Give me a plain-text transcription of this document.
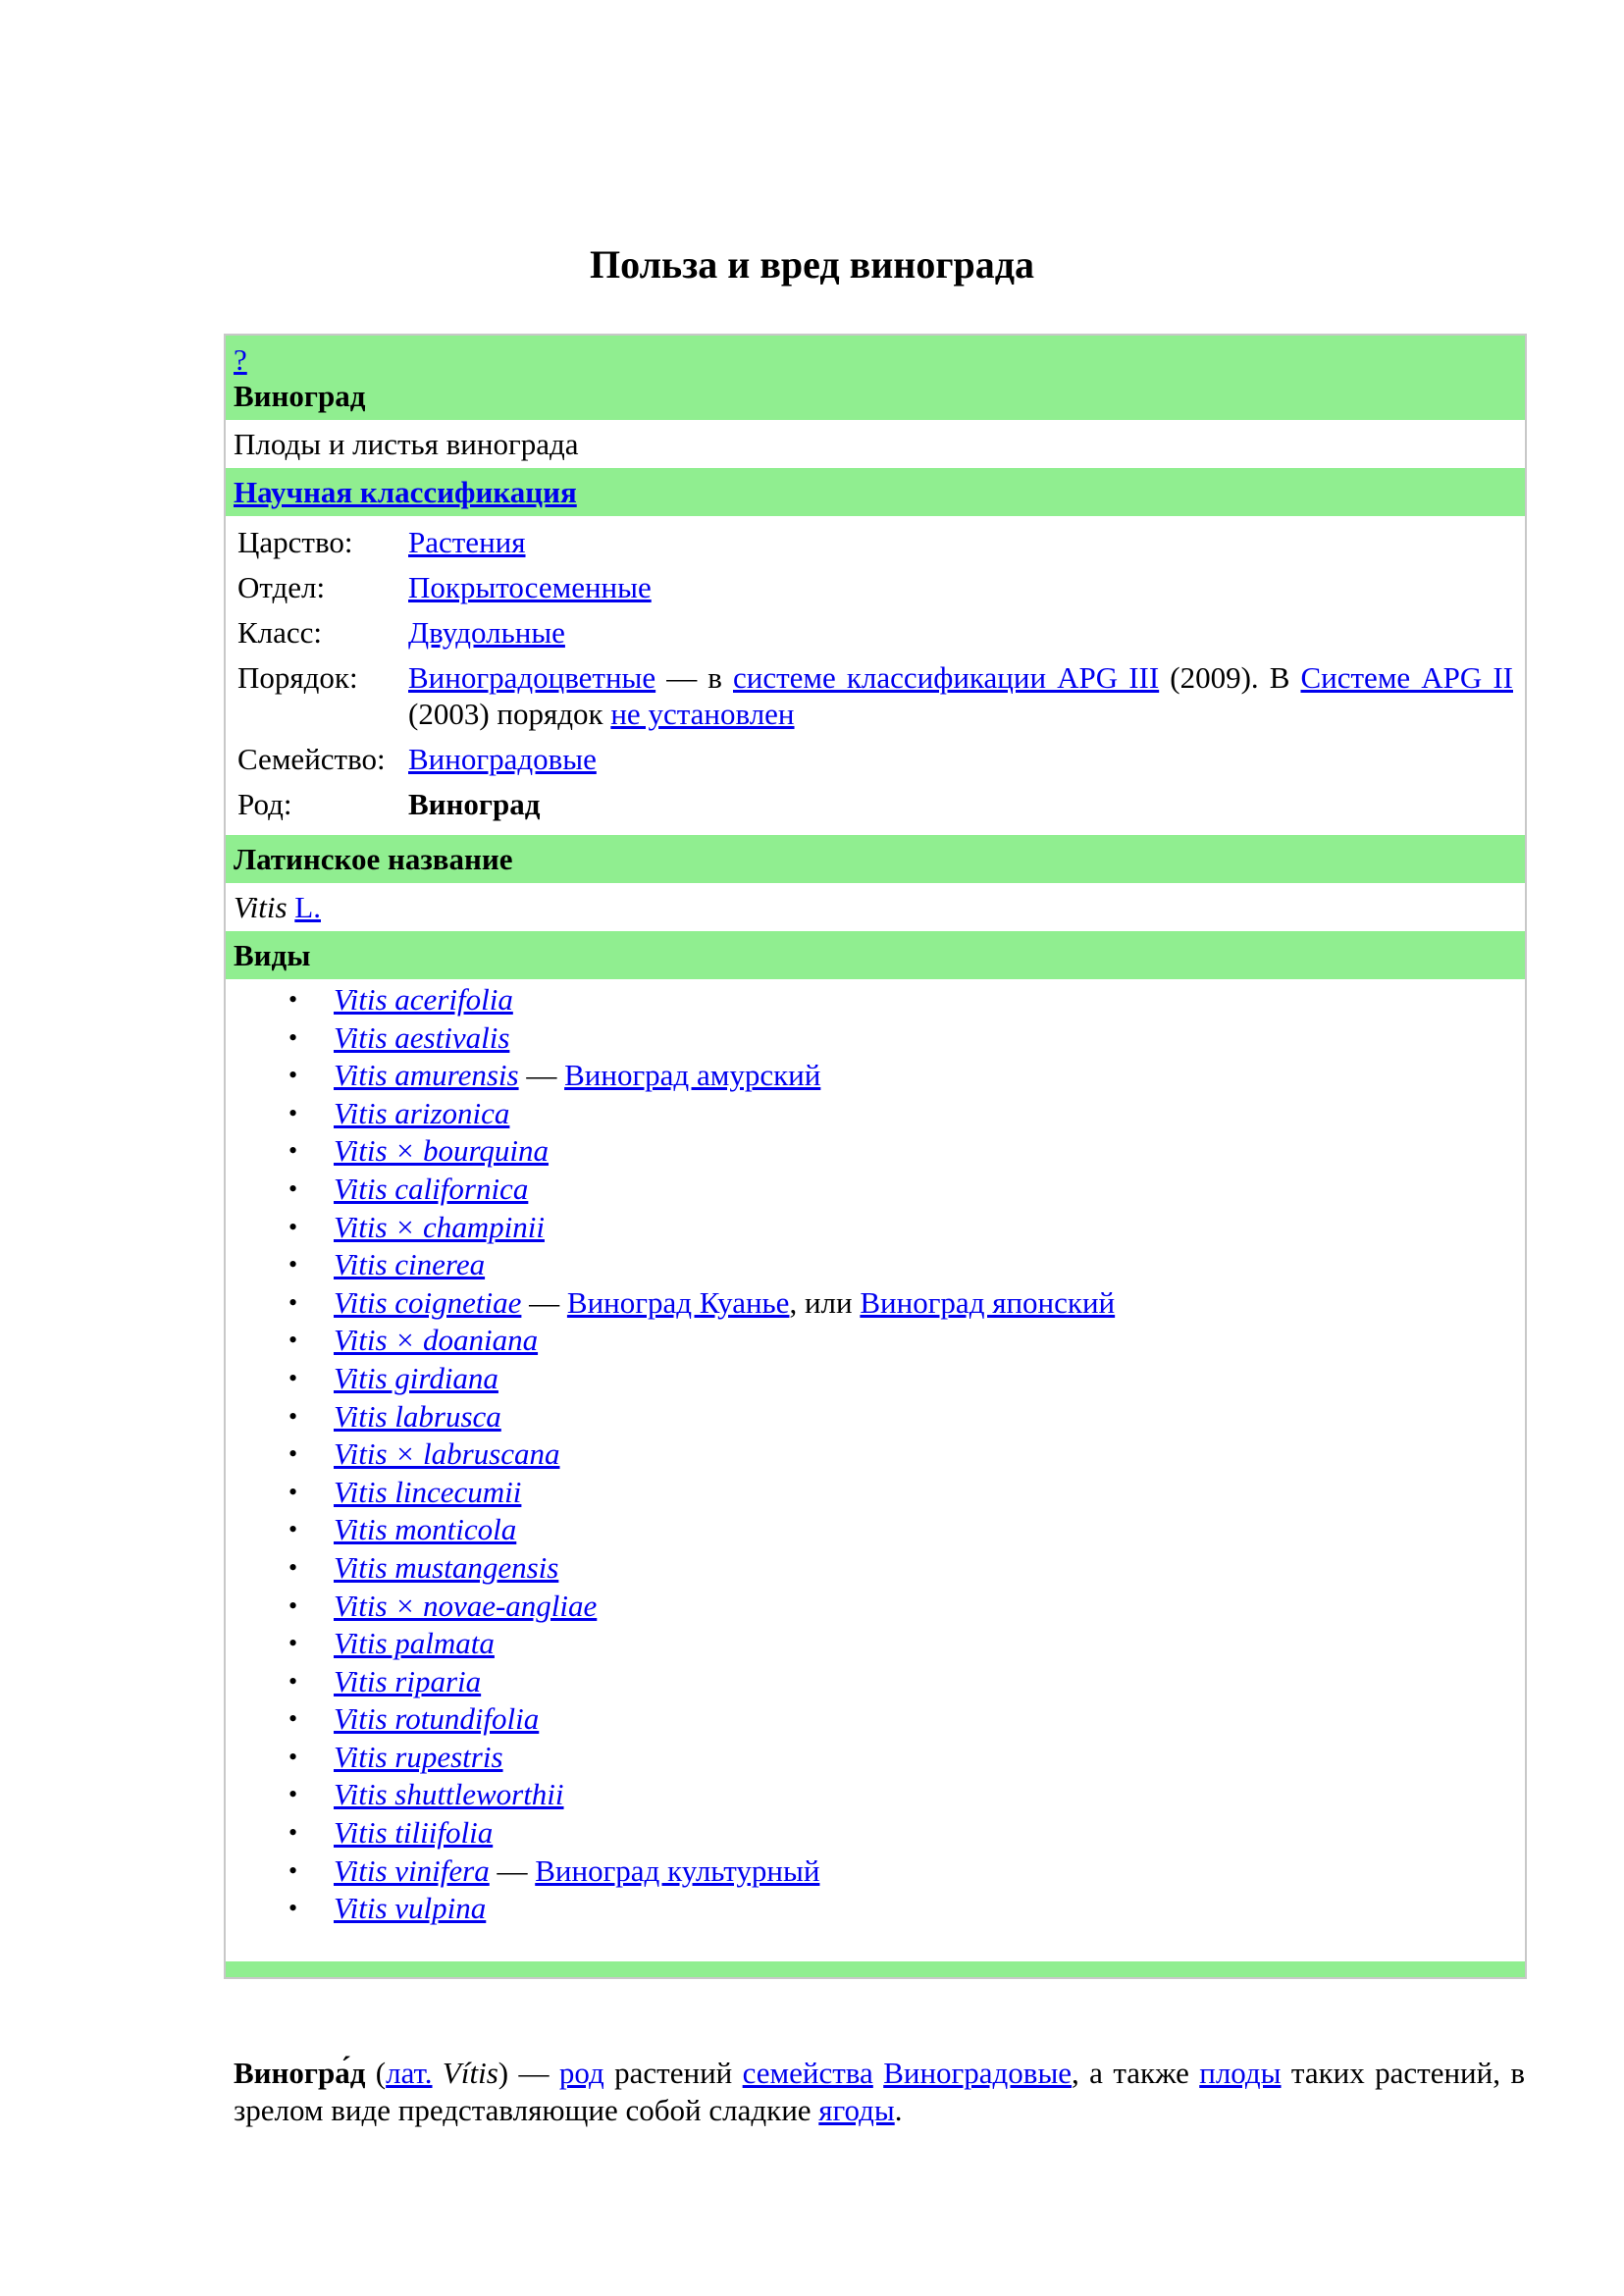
Польза и вред винограда
?
Виноград
Плоды и листья винограда
Научная классификация
Царство:	Растения
Отдел:	Покрытосеменные
Класс:	Двудольные
Порядок:	Виноградоцветные — в системе классификации APG III (2009). В Системе APG II (2003) порядок не установлен
Семейство: Виноградовые
Род:	Виноград
Латинское название
Vitis L.
Виды
• Vitis acerifolia
• Vitis aestivalis
• Vitis amurensis — Виноград амурский
• Vitis arizonica
• Vitis × bourquina
• Vitis californica
• Vitis × champinii
• Vitis cinerea
• Vitis coignetiae — Виноград Куанье, или Виноград японский
• Vitis × doaniana
• Vitis girdiana
• Vitis labrusca
• Vitis × labruscana
• Vitis lincecumii
• Vitis monticola
• Vitis mustangensis
• Vitis × novae-angliae
• Vitis palmata
• Vitis riparia
• Vitis rotundifolia
• Vitis rupestris
• Vitis shuttleworthii
• Vitis tiliifolia
• Vitis vinifera — Виноград культурный
• Vitis vulpina

Виногра́д (лат. Vítis) — род растений семейства Виноградовые, а также плоды таких растений, в зрелом виде представляющие собой сладкие ягоды.
